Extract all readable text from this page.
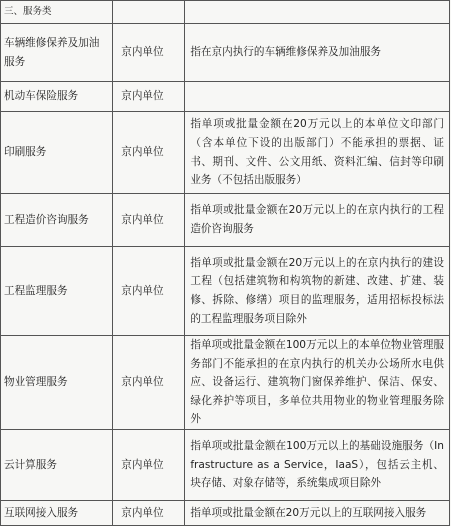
三、服务类		
车辆维修保养及加油服务	京内单位	指在京内执行的车辆维修保养及加油服务
机动车保险服务	京内单位	
印刷服务	京内单位	指单项或批量金额在20万元以上的本单位文印部门（含本单位下设的出版部门）不能承担的票据、证书、期刊、文件、公文用纸、资料汇编、信封等印刷业务（不包括出版服务）
工程造价咨询服务	京内单位	指单项或批量金额在20万元以上的在京内执行的工程造价咨询服务
工程监理服务	京内单位	指单项或批量金额在20万元以上的在京内执行的建设工程（包括建筑物和构筑物的新建、改建、扩建、装修、拆除、修缮）项目的监理服务，适用招标投标法的工程监理服务项目除外
物业管理服务	京内单位	指单项或批量金额在100万元以上的本单位物业管理服务部门不能承担的在京内执行的机关办公场所水电供应、设备运行、建筑物门窗保养维护、保洁、保安、绿化养护等项目，多单位共用物业的物业管理服务除外
云计算服务	京内单位	指单项或批量金额在100万元以上的基础设施服务（Infrastructure as a Service，IaaS），包括云主机、块存储、对象存储等，系统集成项目除外
互联网接入服务	京内单位	指单项或批量金额在20万元以上的互联网接入服务
